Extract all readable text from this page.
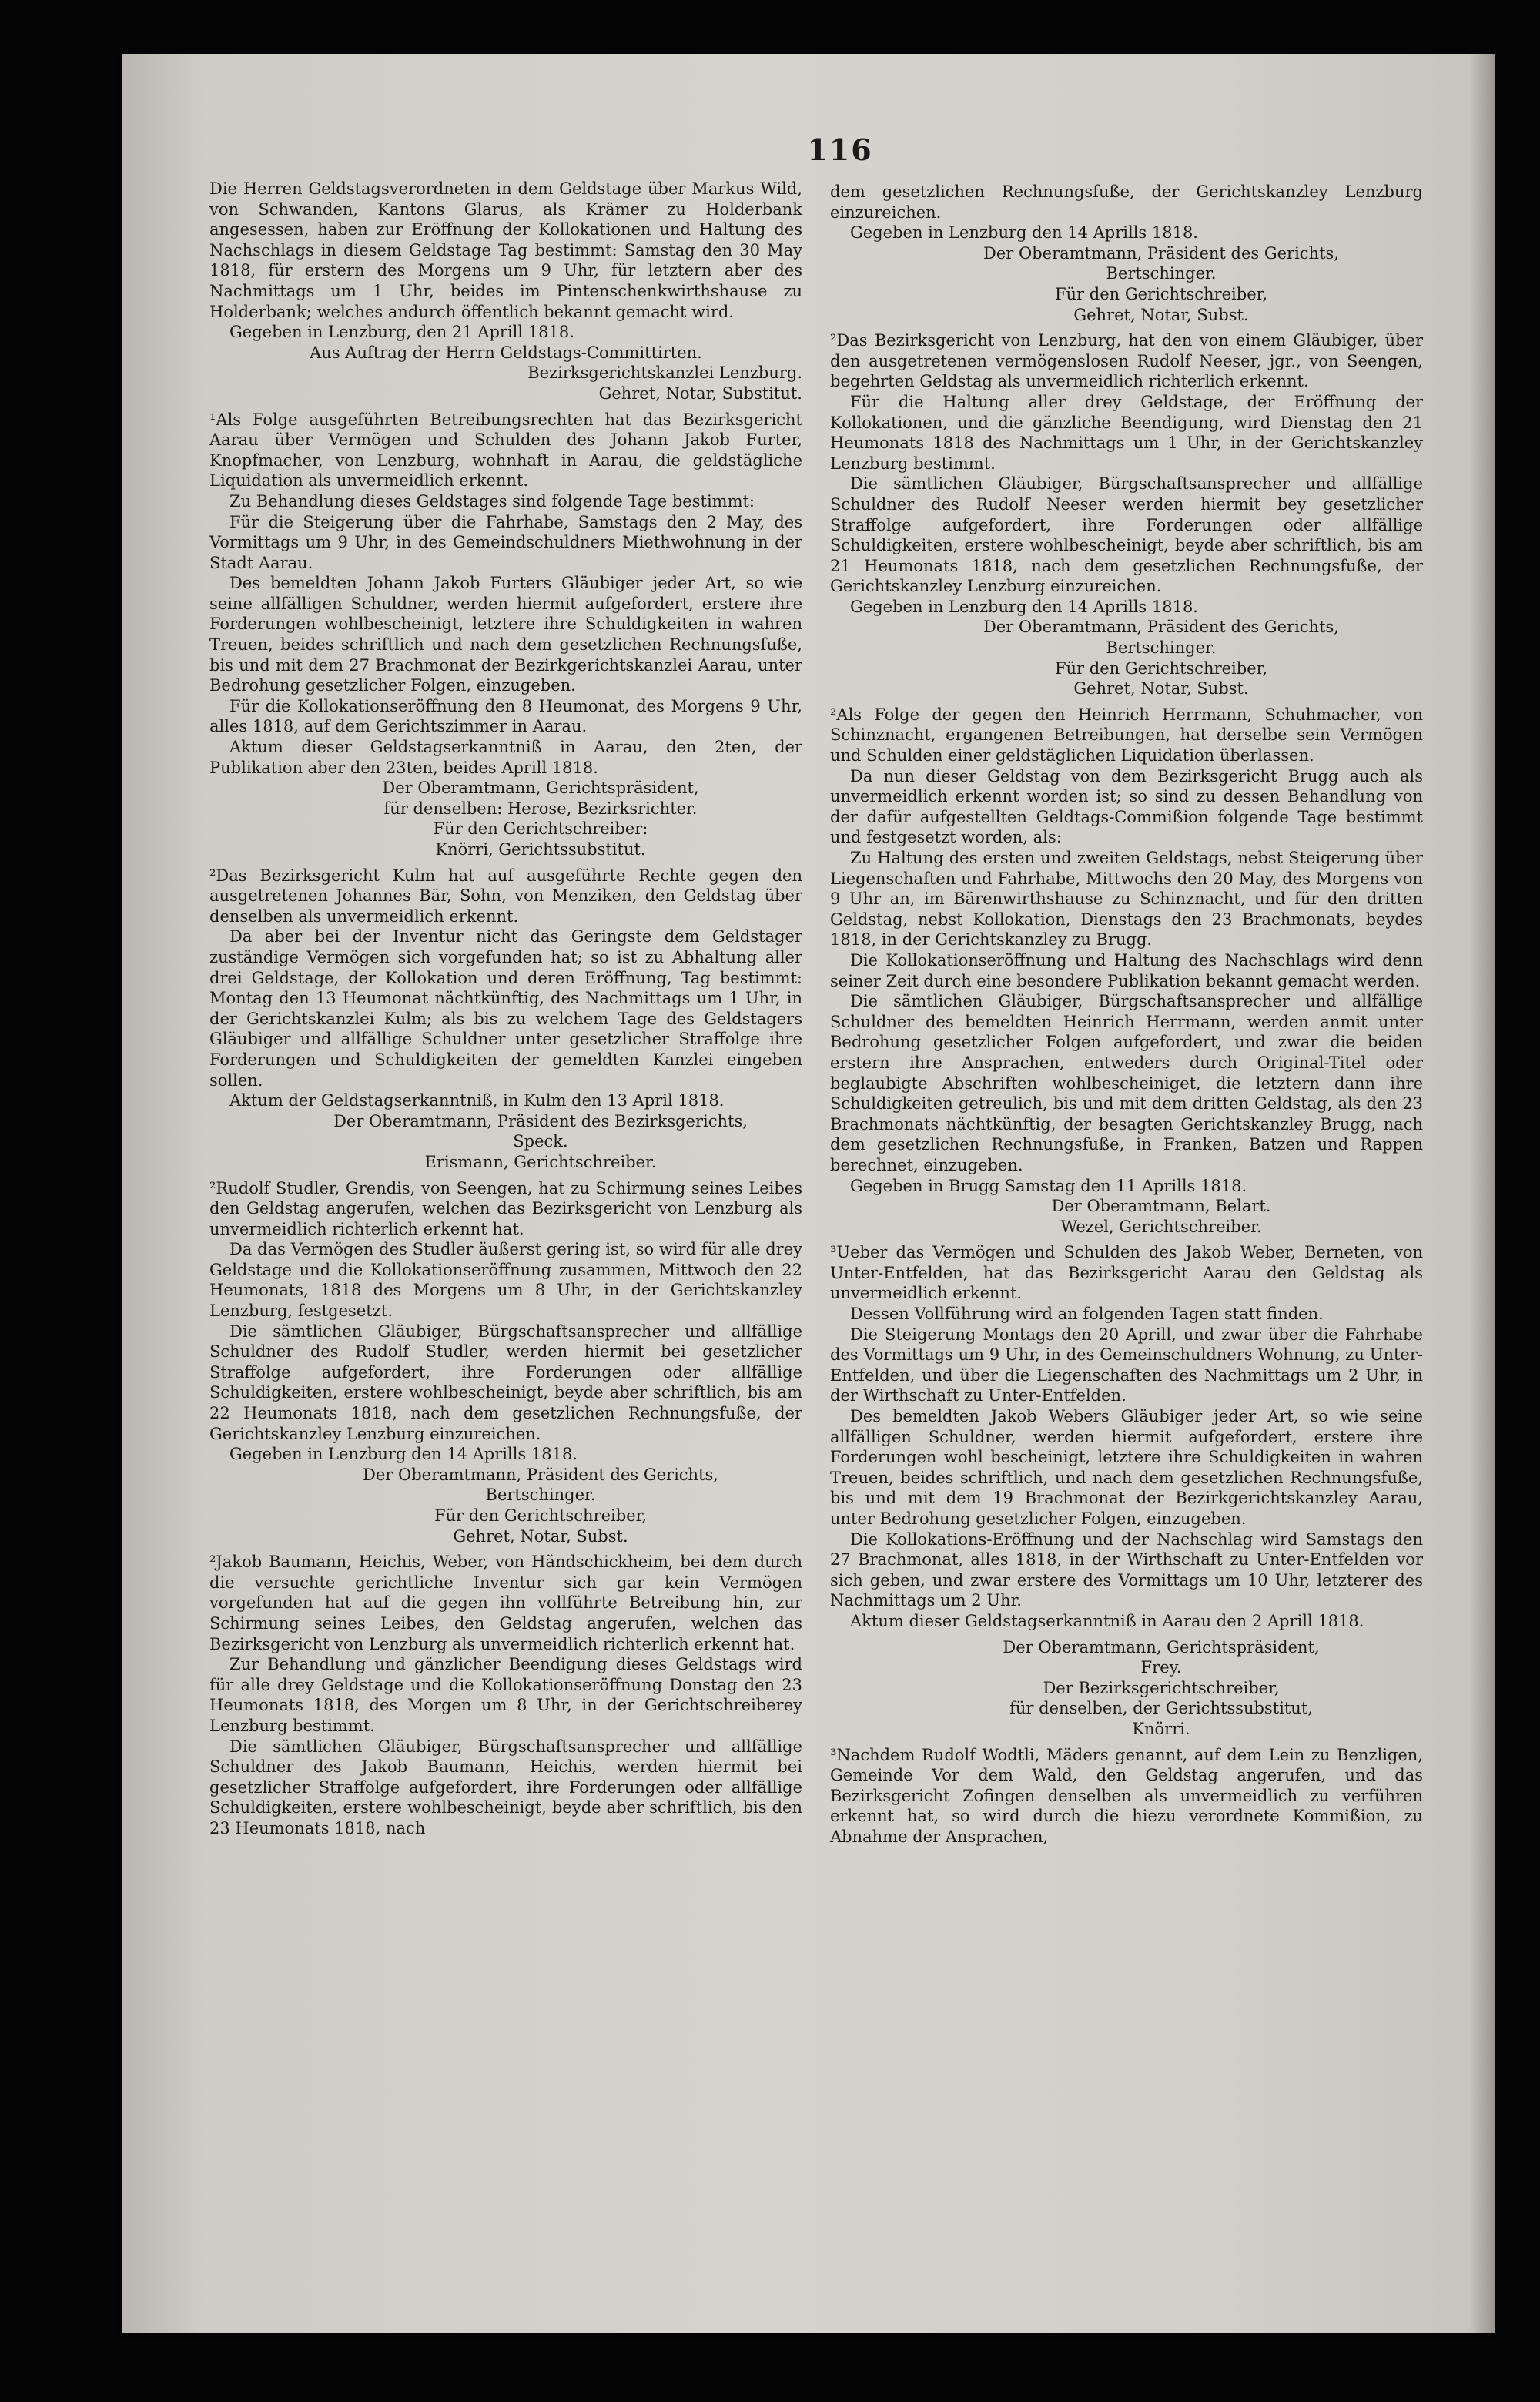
116

Die Herren Geldstagsverordneten in dem Geldstage über Markus Wild, von Schwanden, Kantons Glarus, als Krämer zu Holderbank angesessen, haben zur Eröffnung der Kollokationen und Haltung des Nachschlags in diesem Geldstage Tag bestimmt: Samstag den 30 May 1818, für erstern des Morgens um 9 Uhr, für letztern aber des Nachmittags um 1 Uhr, beides im Pintenschenkwirthshause zu Holderbank; welches andurch öffentlich bekannt gemacht wird.

Gegeben in Lenzburg, den 21 Aprill 1818.

Aus Auftrag der Herrn Geldstags-Committirten.

Bezirksgerichtskanzlei Lenzburg.

Gehret, Notar, Substitut.

¹Als Folge ausgeführten Betreibungsrechten hat das Bezirksgericht Aarau über Vermögen und Schulden des Johann Jakob Furter, Knopfmacher, von Lenzburg, wohnhaft in Aarau, die geldstägliche Liquidation als unvermeidlich erkennt.

Zu Behandlung dieses Geldstages sind folgende Tage bestimmt:

Für die Steigerung über die Fahrhabe, Samstags den 2 May, des Vormittags um 9 Uhr, in des Gemeindschuldners Miethwohnung in der Stadt Aarau.

Des bemeldten Johann Jakob Furters Gläubiger jeder Art, so wie seine allfälligen Schuldner, werden hiermit aufgefordert, erstere ihre Forderungen wohlbescheinigt, letztere ihre Schuldigkeiten in wahren Treuen, beides schriftlich und nach dem gesetzlichen Rechnungsfuße, bis und mit dem 27 Brachmonat der Bezirkgerichtskanzlei Aarau, unter Bedrohung gesetzlicher Folgen, einzugeben.

Für die Kollokationseröffnung den 8 Heumonat, des Morgens 9 Uhr, alles 1818, auf dem Gerichtszimmer in Aarau.

Aktum dieser Geldstagserkanntniß in Aarau, den 2ten, der Publikation aber den 23ten, beides Aprill 1818.

Der Oberamtmann, Gerichtspräsident,

für denselben: Herose, Bezirksrichter.

Für den Gerichtschreiber:

Knörri, Gerichtssubstitut.

²Das Bezirksgericht Kulm hat auf ausgeführte Rechte gegen den ausgetretenen Johannes Bär, Sohn, von Menziken, den Geldstag über denselben als unvermeidlich erkennt.

Da aber bei der Inventur nicht das Geringste dem Geldstager zuständige Vermögen sich vorgefunden hat; so ist zu Abhaltung aller drei Geldstage, der Kollokation und deren Eröffnung, Tag bestimmt: Montag den 13 Heumonat nächtkünftig, des Nachmittags um 1 Uhr, in der Gerichtskanzlei Kulm; als bis zu welchem Tage des Geldstagers Gläubiger und allfällige Schuldner unter gesetzlicher Straffolge ihre Forderungen und Schuldigkeiten der gemeldten Kanzlei eingeben sollen.

Aktum der Geldstagserkanntniß, in Kulm den 13 April 1818.

Der Oberamtmann, Präsident des Bezirksgerichts,

Speck.

Erismann, Gerichtschreiber.

²Rudolf Studler, Grendis, von Seengen, hat zu Schirmung seines Leibes den Geldstag angerufen, welchen das Bezirksgericht von Lenzburg als unvermeidlich richterlich erkennt hat.

Da das Vermögen des Studler äußerst gering ist, so wird für alle drey Geldstage und die Kollokationseröffnung zusammen, Mittwoch den 22 Heumonats, 1818 des Morgens um 8 Uhr, in der Gerichtskanzley Lenzburg, festgesetzt.

Die sämtlichen Gläubiger, Bürgschaftsansprecher und allfällige Schuldner des Rudolf Studler, werden hiermit bei gesetzlicher Straffolge aufgefordert, ihre Forderungen oder allfällige Schuldigkeiten, erstere wohlbescheinigt, beyde aber schriftlich, bis am 22 Heumonats 1818, nach dem gesetzlichen Rechnungsfuße, der Gerichtskanzley Lenzburg einzureichen.

Gegeben in Lenzburg den 14 Aprills 1818.

Der Oberamtmann, Präsident des Gerichts,

Bertschinger.

Für den Gerichtschreiber,

Gehret, Notar, Subst.

²Jakob Baumann, Heichis, Weber, von Händschickheim, bei dem durch die versuchte gerichtliche Inventur sich gar kein Vermögen vorgefunden hat auf die gegen ihn vollführte Betreibung hin, zur Schirmung seines Leibes, den Geldstag angerufen, welchen das Bezirksgericht von Lenzburg als unvermeidlich richterlich erkennt hat.

Zur Behandlung und gänzlicher Beendigung dieses Geldstags wird für alle drey Geldstage und die Kollokationseröffnung Donstag den 23 Heumonats 1818, des Morgen um 8 Uhr, in der Gerichtschreiberey Lenzburg bestimmt.

Die sämtlichen Gläubiger, Bürgschaftsansprecher und allfällige Schuldner des Jakob Baumann, Heichis, werden hiermit bei gesetzlicher Straffolge aufgefordert, ihre Forderungen oder allfällige Schuldigkeiten, erstere wohlbescheinigt, beyde aber schriftlich, bis den 23 Heumonats 1818, nach

dem gesetzlichen Rechnungsfuße, der Gerichtskanzley Lenzburg einzureichen.

Gegeben in Lenzburg den 14 Aprills 1818.

Der Oberamtmann, Präsident des Gerichts,

Bertschinger.

Für den Gerichtschreiber,

Gehret, Notar, Subst.

²Das Bezirksgericht von Lenzburg, hat den von einem Gläubiger, über den ausgetretenen vermögenslosen Rudolf Neeser, jgr., von Seengen, begehrten Geldstag als unvermeidlich richterlich erkennt.

Für die Haltung aller drey Geldstage, der Eröffnung der Kollokationen, und die gänzliche Beendigung, wird Dienstag den 21 Heumonats 1818 des Nachmittags um 1 Uhr, in der Gerichtskanzley Lenzburg bestimmt.

Die sämtlichen Gläubiger, Bürgschaftsansprecher und allfällige Schuldner des Rudolf Neeser werden hiermit bey gesetzlicher Straffolge aufgefordert, ihre Forderungen oder allfällige Schuldigkeiten, erstere wohlbescheinigt, beyde aber schriftlich, bis am 21 Heumonats 1818, nach dem gesetzlichen Rechnungsfuße, der Gerichtskanzley Lenzburg einzureichen.

Gegeben in Lenzburg den 14 Aprills 1818.

Der Oberamtmann, Präsident des Gerichts,

Bertschinger.

Für den Gerichtschreiber,

Gehret, Notar, Subst.

²Als Folge der gegen den Heinrich Herrmann, Schuhmacher, von Schinznacht, ergangenen Betreibungen, hat derselbe sein Vermögen und Schulden einer geldstäglichen Liquidation überlassen.

Da nun dieser Geldstag von dem Bezirksgericht Brugg auch als unvermeidlich erkennt worden ist; so sind zu dessen Behandlung von der dafür aufgestellten Geldtags-Commißion folgende Tage bestimmt und festgesetzt worden, als:

Zu Haltung des ersten und zweiten Geldstags, nebst Steigerung über Liegenschaften und Fahrhabe, Mittwochs den 20 May, des Morgens von 9 Uhr an, im Bärenwirthshause zu Schinznacht, und für den dritten Geldstag, nebst Kollokation, Dienstags den 23 Brachmonats, beydes 1818, in der Gerichtskanzley zu Brugg.

Die Kollokationseröffnung und Haltung des Nachschlags wird denn seiner Zeit durch eine besondere Publikation bekannt gemacht werden.

Die sämtlichen Gläubiger, Bürgschaftsansprecher und allfällige Schuldner des bemeldten Heinrich Herrmann, werden anmit unter Bedrohung gesetzlicher Folgen aufgefordert, und zwar die beiden erstern ihre Ansprachen, entweders durch Original-Titel oder beglaubigte Abschriften wohlbescheiniget, die letztern dann ihre Schuldigkeiten getreulich, bis und mit dem dritten Geldstag, als den 23 Brachmonats nächtkünftig, der besagten Gerichtskanzley Brugg, nach dem gesetzlichen Rechnungsfuße, in Franken, Batzen und Rappen berechnet, einzugeben.

Gegeben in Brugg Samstag den 11 Aprills 1818.

Der Oberamtmann, Belart.

Wezel, Gerichtschreiber.

³Ueber das Vermögen und Schulden des Jakob Weber, Berneten, von Unter-Entfelden, hat das Bezirksgericht Aarau den Geldstag als unvermeidlich erkennt.

Dessen Vollführung wird an folgenden Tagen statt finden.

Die Steigerung Montags den 20 Aprill, und zwar über die Fahrhabe des Vormittags um 9 Uhr, in des Gemeinschuldners Wohnung, zu Unter-Entfelden, und über die Liegenschaften des Nachmittags um 2 Uhr, in der Wirthschaft zu Unter-Entfelden.

Des bemeldten Jakob Webers Gläubiger jeder Art, so wie seine allfälligen Schuldner, werden hiermit aufgefordert, erstere ihre Forderungen wohl bescheinigt, letztere ihre Schuldigkeiten in wahren Treuen, beides schriftlich, und nach dem gesetzlichen Rechnungsfuße, bis und mit dem 19 Brachmonat der Bezirkgerichtskanzley Aarau, unter Bedrohung gesetzlicher Folgen, einzugeben.

Die Kollokations-Eröffnung und der Nachschlag wird Samstags den 27 Brachmonat, alles 1818, in der Wirthschaft zu Unter-Entfelden vor sich geben, und zwar erstere des Vormittags um 10 Uhr, letzterer des Nachmittags um 2 Uhr.

Aktum dieser Geldstagserkanntniß in Aarau den 2 Aprill 1818.

Der Oberamtmann, Gerichtspräsident,

Frey.

Der Bezirksgerichtschreiber,

für denselben, der Gerichtssubstitut,

Knörri.

³Nachdem Rudolf Wodtli, Mäders genannt, auf dem Lein zu Benzligen, Gemeinde Vor dem Wald, den Geldstag angerufen, und das Bezirksgericht Zofingen denselben als unvermeidlich zu verführen erkennt hat, so wird durch die hiezu verordnete Kommißion, zu Abnahme der Ansprachen,
